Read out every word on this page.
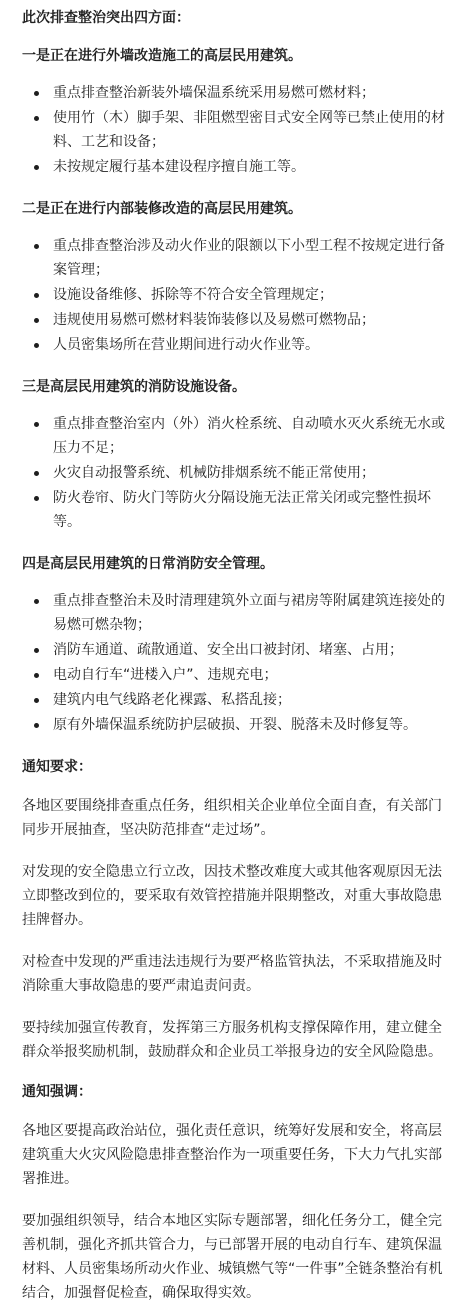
此次排查整治突出四方面：
一是正在进行外墙改造施工的高层民用建筑。
重点排查整治新装外墙保温系统采用易燃可燃材料；
使用竹（木）脚手架、非阻燃型密目式安全网等已禁止使用的材料、工艺和设备；
未按规定履行基本建设程序擅自施工等。
二是正在进行内部装修改造的高层民用建筑。
重点排查整治涉及动火作业的限额以下小型工程不按规定进行备案管理；
设施设备维修、拆除等不符合安全管理规定；
违规使用易燃可燃材料装饰装修以及易燃可燃物品；
人员密集场所在营业期间进行动火作业等。
三是高层民用建筑的消防设施设备。
重点排查整治室内（外）消火栓系统、自动喷水灭火系统无水或压力不足；
火灾自动报警系统、机械防排烟系统不能正常使用；
防火卷帘、防火门等防火分隔设施无法正常关闭或完整性损坏等。
四是高层民用建筑的日常消防安全管理。
重点排查整治未及时清理建筑外立面与裙房等附属建筑连接处的易燃可燃杂物；
消防车通道、疏散通道、安全出口被封闭、堵塞、占用；
电动自行车“进楼入户”、违规充电；
建筑内电气线路老化裸露、私搭乱接；
原有外墙保温系统防护层破损、开裂、脱落未及时修复等。
通知要求：

各地区要围绕排查重点任务，组织相关企业单位全面自查，有关部门同步开展抽查，坚决防范排查“走过场”。

对发现的安全隐患立行立改，因技术整改难度大或其他客观原因无法立即整改到位的，要采取有效管控措施并限期整改，对重大事故隐患挂牌督办。

对检查中发现的严重违法违规行为要严格监管执法，不采取措施及时消除重大事故隐患的要严肃追责问责。

要持续加强宣传教育，发挥第三方服务机构支撑保障作用，建立健全群众举报奖励机制，鼓励群众和企业员工举报身边的安全风险隐患。

通知强调：

各地区要提高政治站位，强化责任意识，统筹好发展和安全，将高层建筑重大火灾风险隐患排查整治作为一项重要任务，下大力气扎实部署推进。

要加强组织领导，结合本地区实际专题部署，细化任务分工，健全完善机制，强化齐抓共管合力，与已部署开展的电动自行车、建筑保温材料、人员密集场所动火作业、城镇燃气等“一件事”全链条整治有机结合，加强督促检查，确保取得实效。
